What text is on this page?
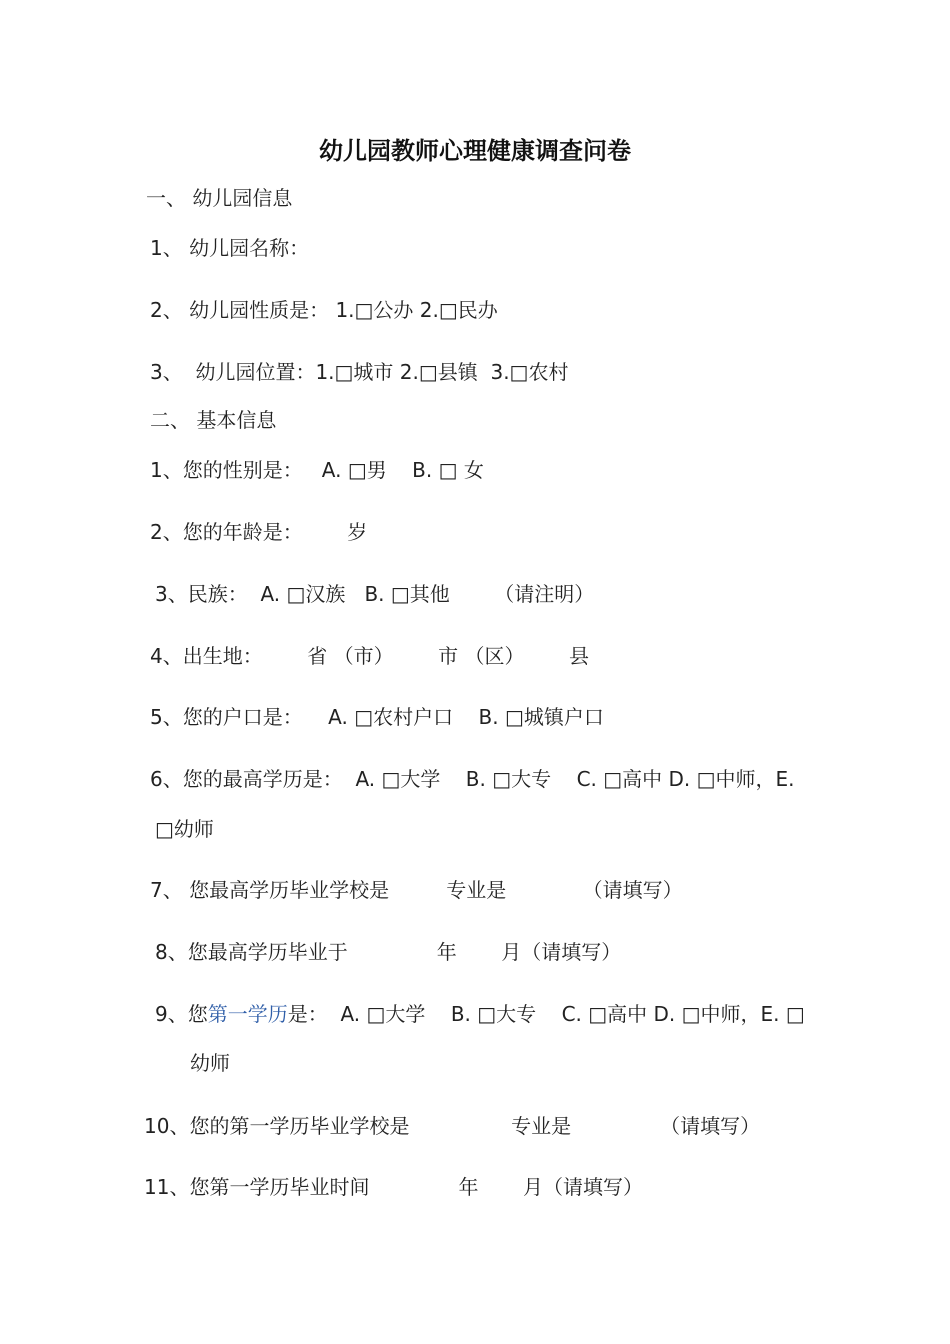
幼儿园教师心理健康调查问卷
一、 幼儿园信息
1、 幼儿园名称：
2、 幼儿园性质是： 1.□公办 2.□民办
3、  幼儿园位置：1.□城市 2.□县镇  3.□农村
二、 基本信息
1、您的性别是：   A. □男    B. □ 女
2、您的年龄是：       岁
3、民族：  A. □汉族   B. □其他       （请注明）
4、出生地：       省 （市）       市 （区）       县
5、您的户口是：    A. □农村户口    B. □城镇户口
6、您的最高学历是：  A. □大学    B. □大专    C. □高中 D. □中师，E.
□幼师
7、 您最高学历毕业学校是         专业是            （请填写）
8、您最高学历毕业于              年       月（请填写）
9、您第一学历是：  A. □大学    B. □大专    C. □高中 D. □中师，E. □
幼师
10、您的第一学历毕业学校是                专业是              （请填写）
11、您第一学历毕业时间              年       月（请填写）
